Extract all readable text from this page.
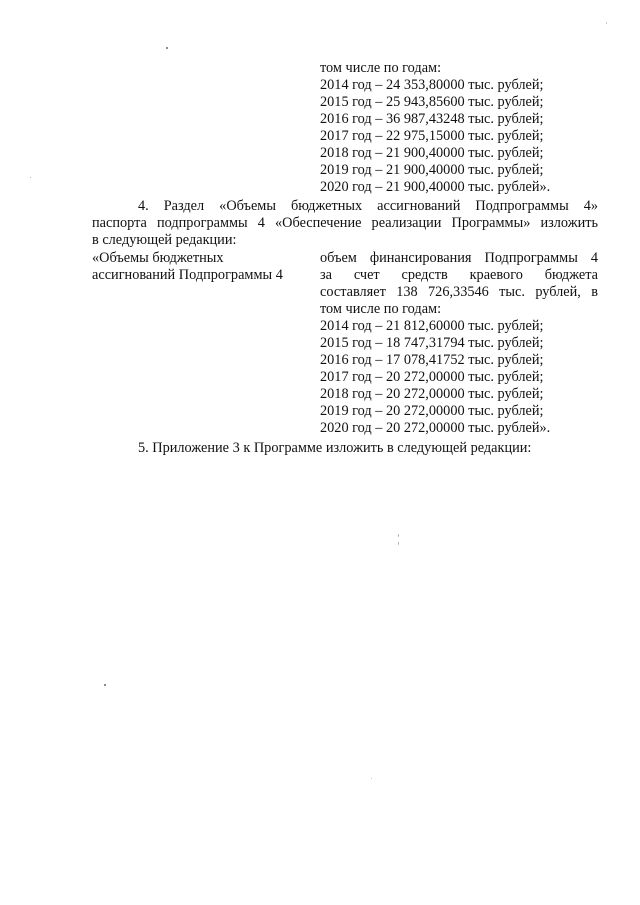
том числе по годам:
2014 год – 24 353,80000 тыс. рублей;
2015 год – 25 943,85600 тыс. рублей;
2016 год – 36 987,43248 тыс. рублей;
2017 год – 22 975,15000 тыс. рублей;
2018 год – 21 900,40000 тыс. рублей;
2019 год – 21 900,40000 тыс. рублей;
2020 год – 21 900,40000 тыс. рублей».
4. Раздел «Объемы бюджетных ассигнований Подпрограммы 4»
паспорта подпрограммы 4 «Обеспечение реализации Программы» изложить
в следующей редакции:
«Объемы бюджетных
ассигнований Подпрограммы 4
объем финансирования Подпрограммы 4
за счет средств краевого бюджета
составляет 138 726,33546 тыс. рублей, в
том числе по годам:
2014 год – 21 812,60000 тыс. рублей;
2015 год – 18 747,31794 тыс. рублей;
2016 год – 17 078,41752 тыс. рублей;
2017 год – 20 272,00000 тыс. рублей;
2018 год – 20 272,00000 тыс. рублей;
2019 год – 20 272,00000 тыс. рублей;
2020 год – 20 272,00000 тыс. рублей».
5. Приложение 3 к Программе изложить в следующей редакции:
